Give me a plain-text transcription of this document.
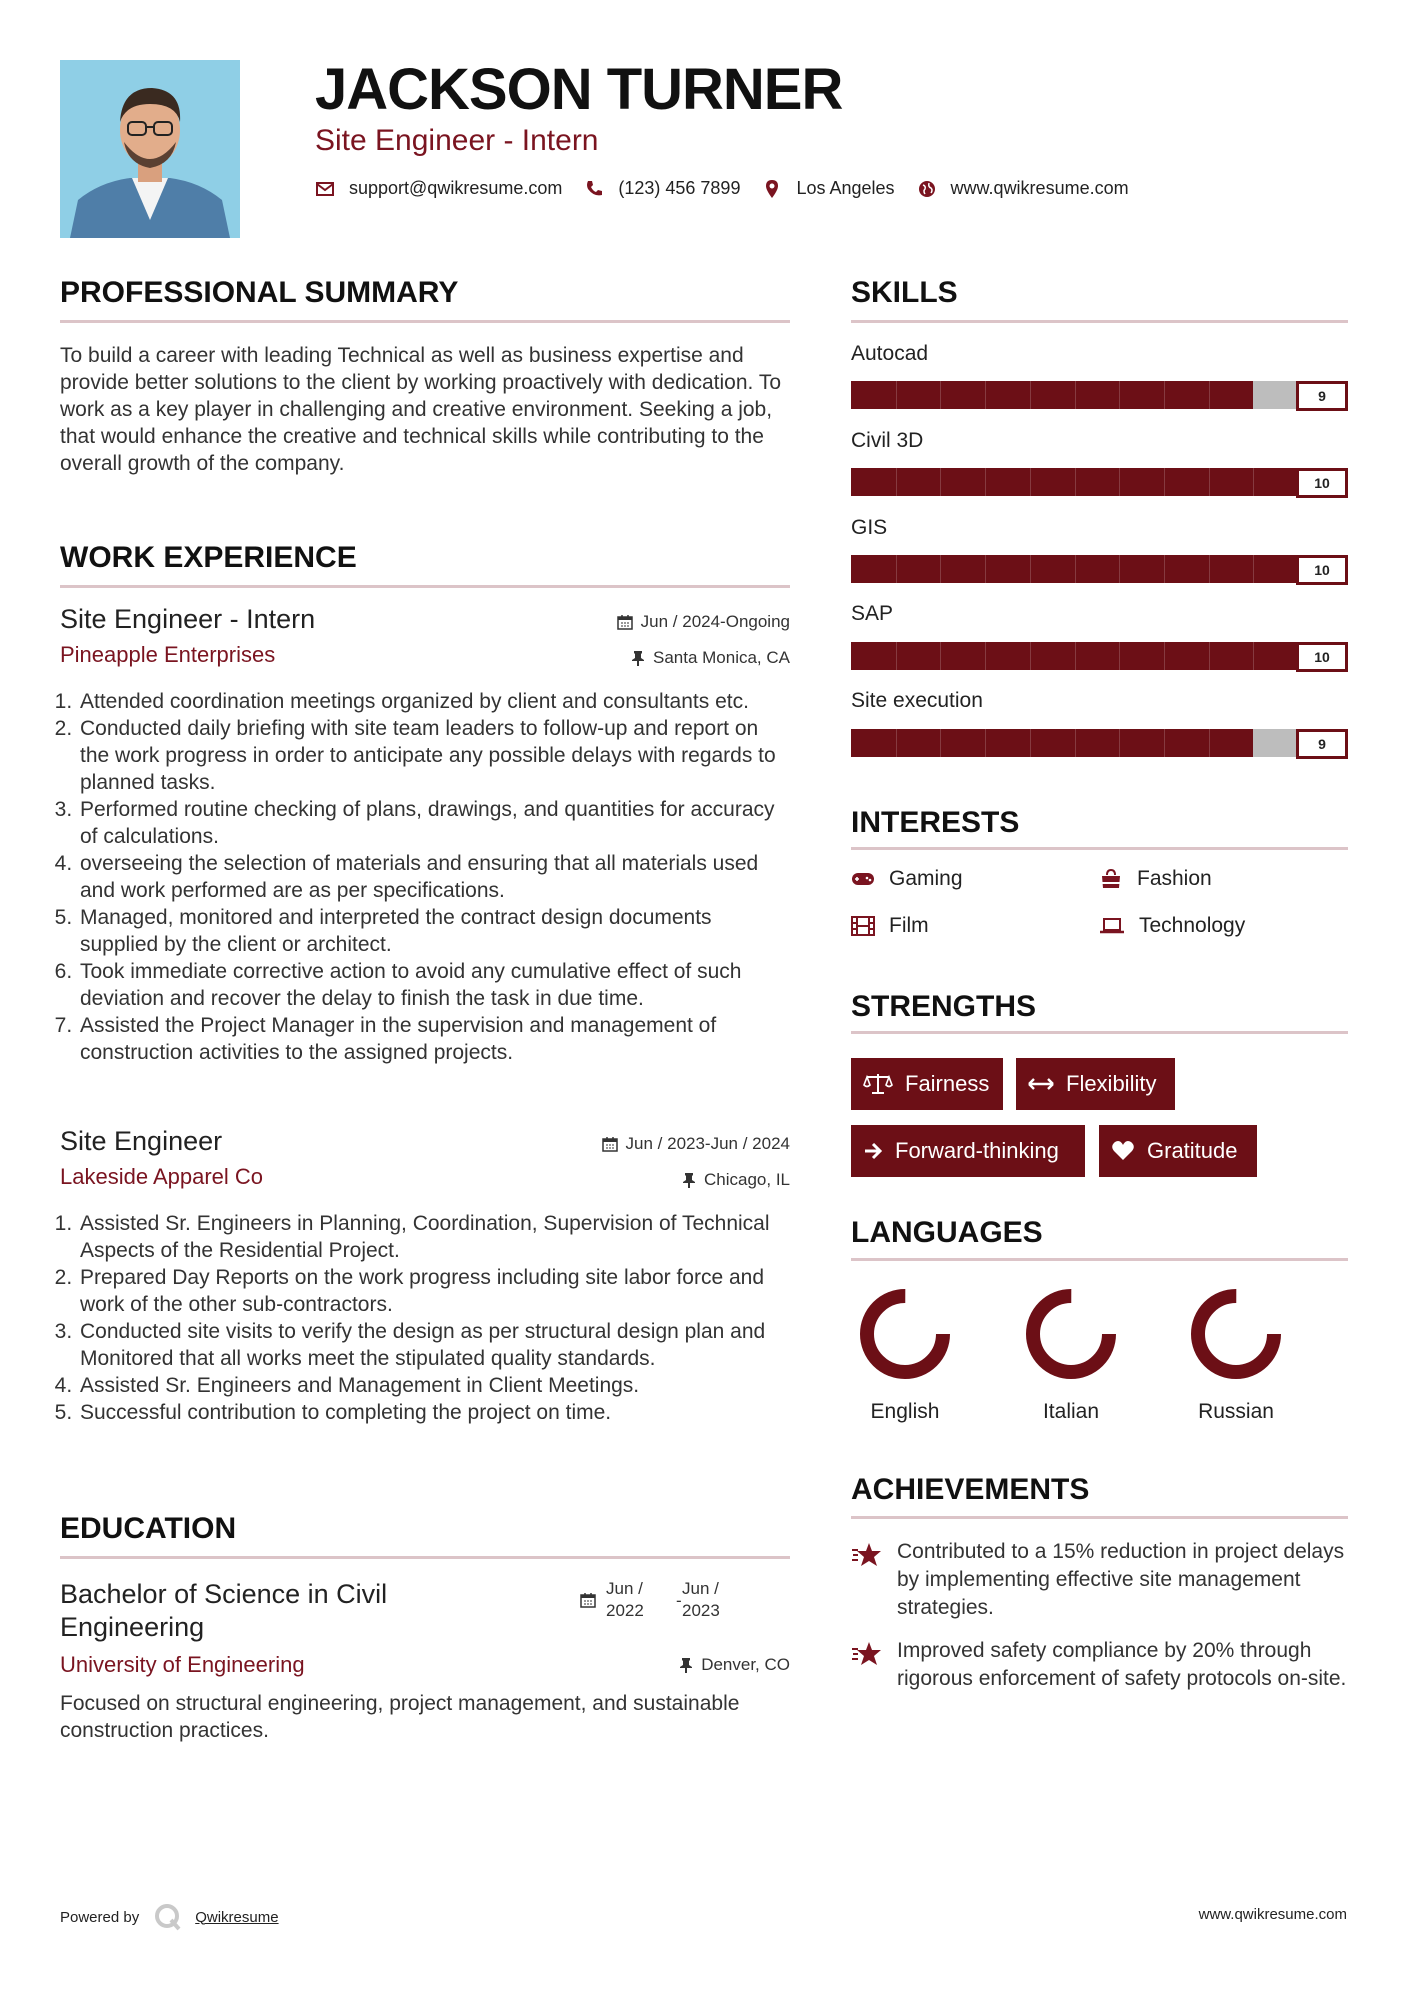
JACKSON TURNER
Site Engineer - Intern
support@qwikresume.com	(123) 456 7899	Los Angeles	www.qwikresume.com
PROFESSIONAL SUMMARY
To build a career with leading Technical as well as business expertise and provide better solutions to the client by working proactively with dedication. To work as a key player in challenging and creative environment. Seeking a job, that would enhance the creative and technical skills while contributing to the overall growth of the company.
WORK EXPERIENCE
Site Engineer - Intern	Jun / 2024-Ongoing
Pineapple Enterprises	Santa Monica, CA
1. Attended coordination meetings organized by client and consultants etc.
2. Conducted daily briefing with site team leaders to follow-up and report on the work progress in order to anticipate any possible delays with regards to planned tasks.
3. Performed routine checking of plans, drawings, and quantities for accuracy of calculations.
4. overseeing the selection of materials and ensuring that all materials used and work performed are as per specifications.
5. Managed, monitored and interpreted the contract design documents supplied by the client or architect.
6. Took immediate corrective action to avoid any cumulative effect of such deviation and recover the delay to finish the task in due time.
7. Assisted the Project Manager in the supervision and management of construction activities to the assigned projects.
Site Engineer	Jun / 2023-Jun / 2024
Lakeside Apparel Co	Chicago, IL
1. Assisted Sr. Engineers in Planning, Coordination, Supervision of Technical Aspects of the Residential Project.
2. Prepared Day Reports on the work progress including site labor force and work of the other sub-contractors.
3. Conducted site visits to verify the design as per structural design plan and Monitored that all works meet the stipulated quality standards.
4. Assisted Sr. Engineers and Management in Client Meetings.
5. Successful contribution to completing the project on time.
EDUCATION
Bachelor of Science in Civil Engineering
Jun /
2022
-
Jun /
2023
University of Engineering	Denver, CO
Focused on structural engineering, project management, and sustainable construction practices.
SKILLS
Autocad
9
Civil 3D
10
GIS
10
SAP
10
Site execution
9
INTERESTS
Gaming	Fashion
Film	Technology
STRENGTHS
Fairness	Flexibility
Forward-thinking	Gratitude
LANGUAGES
English	Italian	Russian
ACHIEVEMENTS
Contributed to a 15% reduction in project delays by implementing effective site management strategies.
Improved safety compliance by 20% through rigorous enforcement of safety protocols on-site.
Powered by	Qwikresume	www.qwikresume.com
